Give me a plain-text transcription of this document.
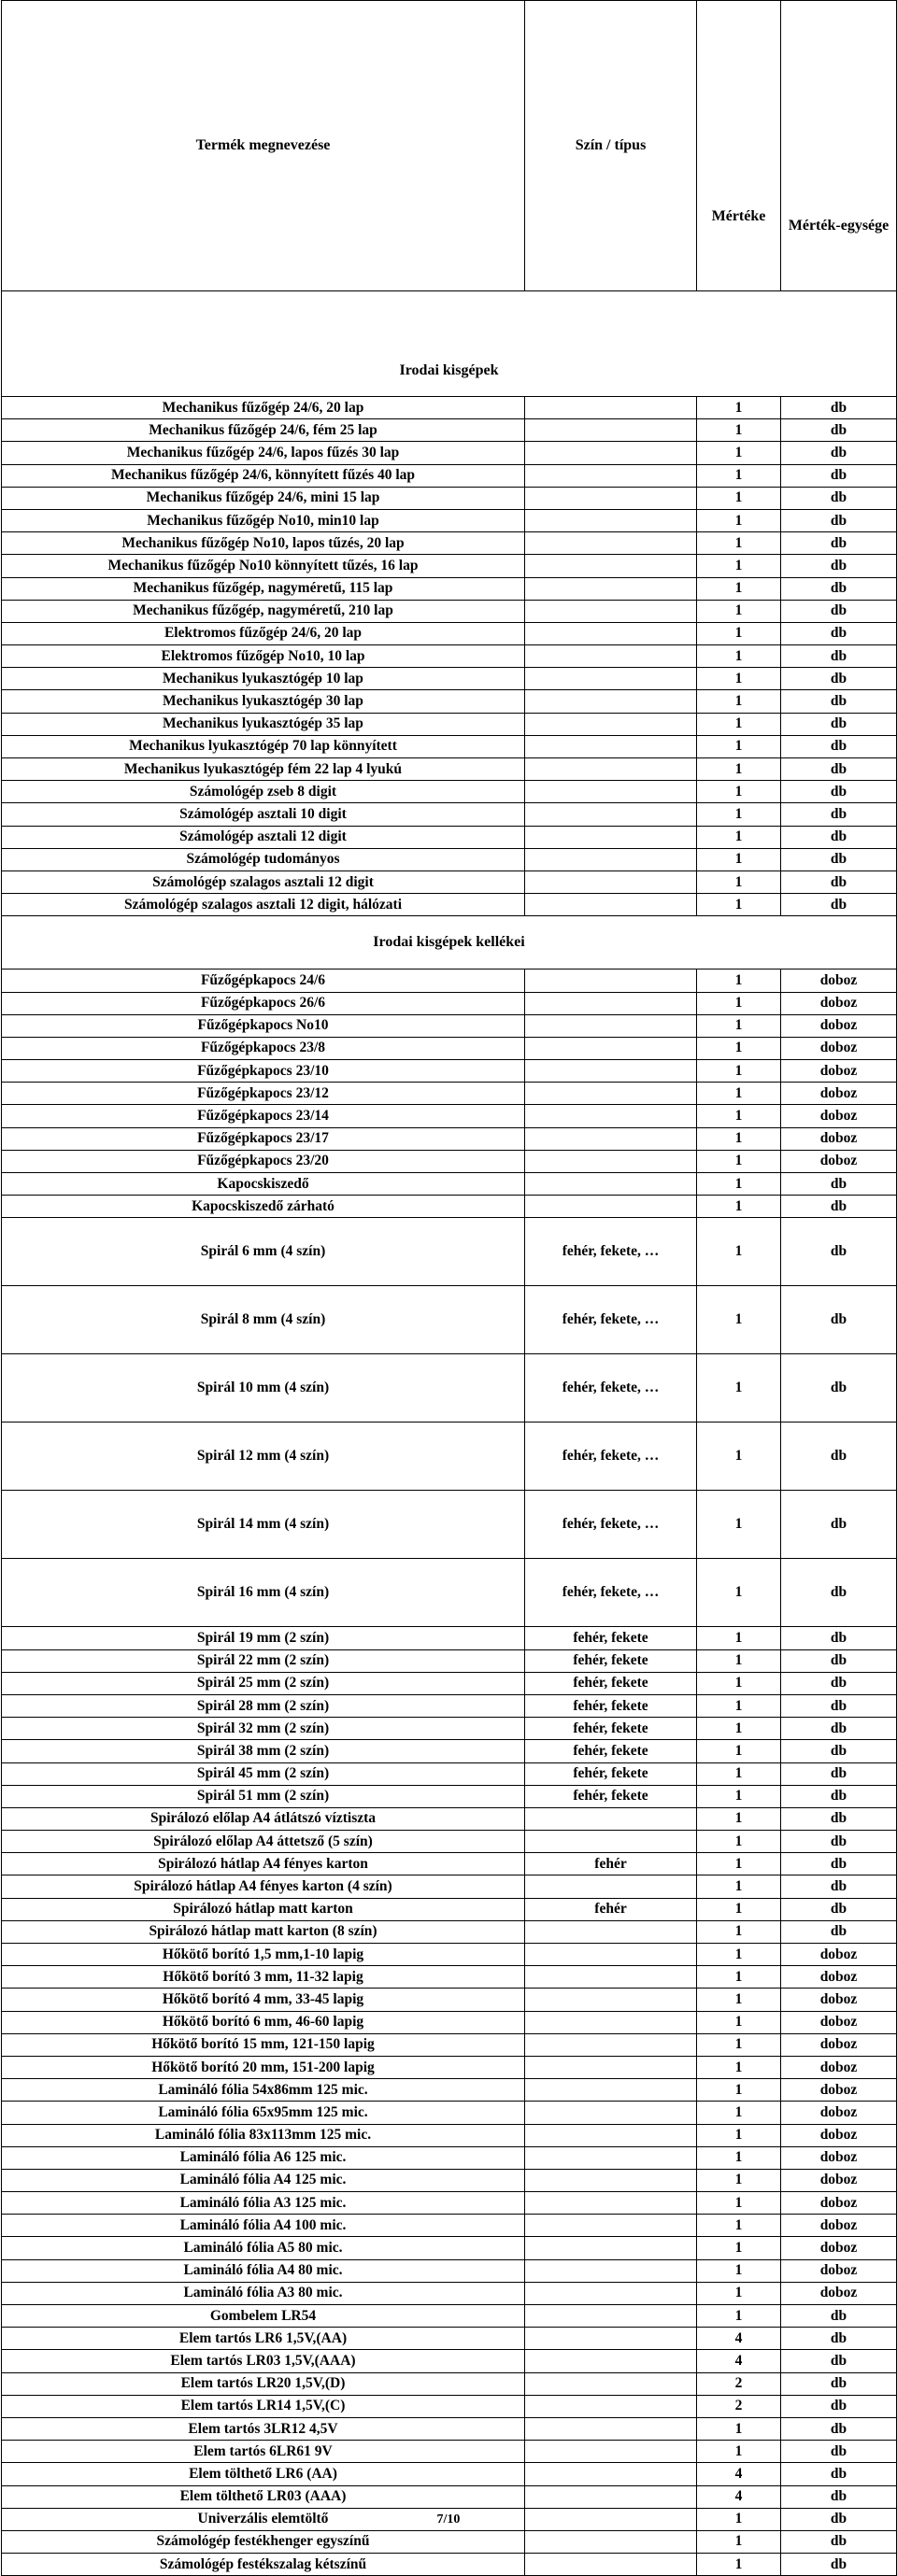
Termék megnevezése	Szín / típus	Mértéke	Mérték-egysége
Irodai kisgépek			
Mechanikus fűzőgép 24/6, 20 lap		1	db
Mechanikus fűzőgép 24/6, fém 25 lap		1	db
Mechanikus fűzőgép 24/6, lapos fűzés 30 lap		1	db
Mechanikus fűzőgép 24/6, könnyített fűzés 40 lap		1	db
Mechanikus fűzőgép 24/6, mini 15 lap		1	db
Mechanikus fűzőgép No10, min10 lap		1	db
Mechanikus fűzőgép No10, lapos tűzés, 20 lap		1	db
Mechanikus fűzőgép No10 könnyített tűzés, 16 lap		1	db
Mechanikus fűzőgép, nagyméretű, 115 lap		1	db
Mechanikus fűzőgép, nagyméretű, 210 lap		1	db
Elektromos fűzőgép 24/6, 20 lap		1	db
Elektromos fűzőgép No10, 10 lap		1	db
Mechanikus lyukasztógép 10 lap		1	db
Mechanikus lyukasztógép 30 lap		1	db
Mechanikus lyukasztógép 35 lap		1	db
Mechanikus lyukasztógép 70 lap könnyített		1	db
Mechanikus lyukasztógép fém 22 lap 4 lyukú		1	db
Számológép zseb 8 digit		1	db
Számológép asztali 10 digit		1	db
Számológép asztali 12 digit		1	db
Számológép tudományos		1	db
Számológép szalagos asztali 12 digit		1	db
Számológép szalagos asztali 12 digit, hálózati		1	db
Irodai kisgépek kellékei			
Fűzőgépkapocs 24/6		1	doboz
Fűzőgépkapocs 26/6		1	doboz
Fűzőgépkapocs No10		1	doboz
Fűzőgépkapocs 23/8		1	doboz
Fűzőgépkapocs 23/10		1	doboz
Fűzőgépkapocs 23/12		1	doboz
Fűzőgépkapocs 23/14		1	doboz
Fűzőgépkapocs 23/17		1	doboz
Fűzőgépkapocs 23/20		1	doboz
Kapocskiszedő		1	db
Kapocskiszedő zárható		1	db
Spirál 6 mm (4 szín)	fehér, fekete, …	1	db
Spirál 8 mm (4 szín)	fehér, fekete, …	1	db
Spirál 10 mm (4 szín)	fehér, fekete, …	1	db
Spirál 12 mm (4 szín)	fehér, fekete, …	1	db
Spirál 14 mm (4 szín)	fehér, fekete, …	1	db
Spirál 16 mm (4 szín)	fehér, fekete, …	1	db
Spirál 19 mm (2 szín)	fehér, fekete	1	db
Spirál 22 mm (2 szín)	fehér, fekete	1	db
Spirál 25 mm (2 szín)	fehér, fekete	1	db
Spirál 28 mm (2 szín)	fehér, fekete	1	db
Spirál 32 mm (2 szín)	fehér, fekete	1	db
Spirál 38 mm (2 szín)	fehér, fekete	1	db
Spirál 45 mm (2 szín)	fehér, fekete	1	db
Spirál 51 mm (2 szín)	fehér, fekete	1	db
Spirálozó előlap A4 átlátszó víztiszta		1	db
Spirálozó előlap A4 áttetsző (5 szín)		1	db
Spirálozó hátlap A4 fényes karton	fehér	1	db
Spirálozó hátlap A4 fényes karton (4 szín)		1	db
Spirálozó hátlap matt karton	fehér	1	db
Spirálozó hátlap matt karton (8 szín)		1	db
Hőkötő borító 1,5 mm,1-10 lapig		1	doboz
Hőkötő borító 3 mm, 11-32 lapig		1	doboz
Hőkötő borító 4 mm, 33-45 lapig		1	doboz
Hőkötő borító 6 mm, 46-60 lapig		1	doboz
Hőkötő borító 15 mm, 121-150 lapig		1	doboz
Hőkötő borító 20 mm, 151-200 lapig		1	doboz
Lamináló fólia 54x86mm 125 mic.		1	doboz
Lamináló fólia 65x95mm 125 mic.		1	doboz
Lamináló fólia 83x113mm 125 mic.		1	doboz
Lamináló fólia A6 125 mic.		1	doboz
Lamináló fólia A4 125 mic.		1	doboz
Lamináló fólia A3 125 mic.		1	doboz
Lamináló fólia A4 100 mic.		1	doboz
Lamináló fólia A5 80 mic.		1	doboz
Lamináló fólia A4 80 mic.		1	doboz
Lamináló fólia A3 80 mic.		1	doboz
Gombelem LR54		1	db
Elem tartós LR6 1,5V,(AA)		4	db
Elem tartós LR03 1,5V,(AAA)		4	db
Elem tartós LR20 1,5V,(D)		2	db
Elem tartós LR14 1,5V,(C)		2	db
Elem tartós 3LR12 4,5V		1	db
Elem tartós 6LR61 9V		1	db
Elem tölthető LR6 (AA)		4	db
Elem tölthető LR03 (AAA)		4	db
Univerzális elemtöltő		1	db
Számológép festékhenger egyszínű		1	db
Számológép festékszalag kétszínű		1	db
7/10
